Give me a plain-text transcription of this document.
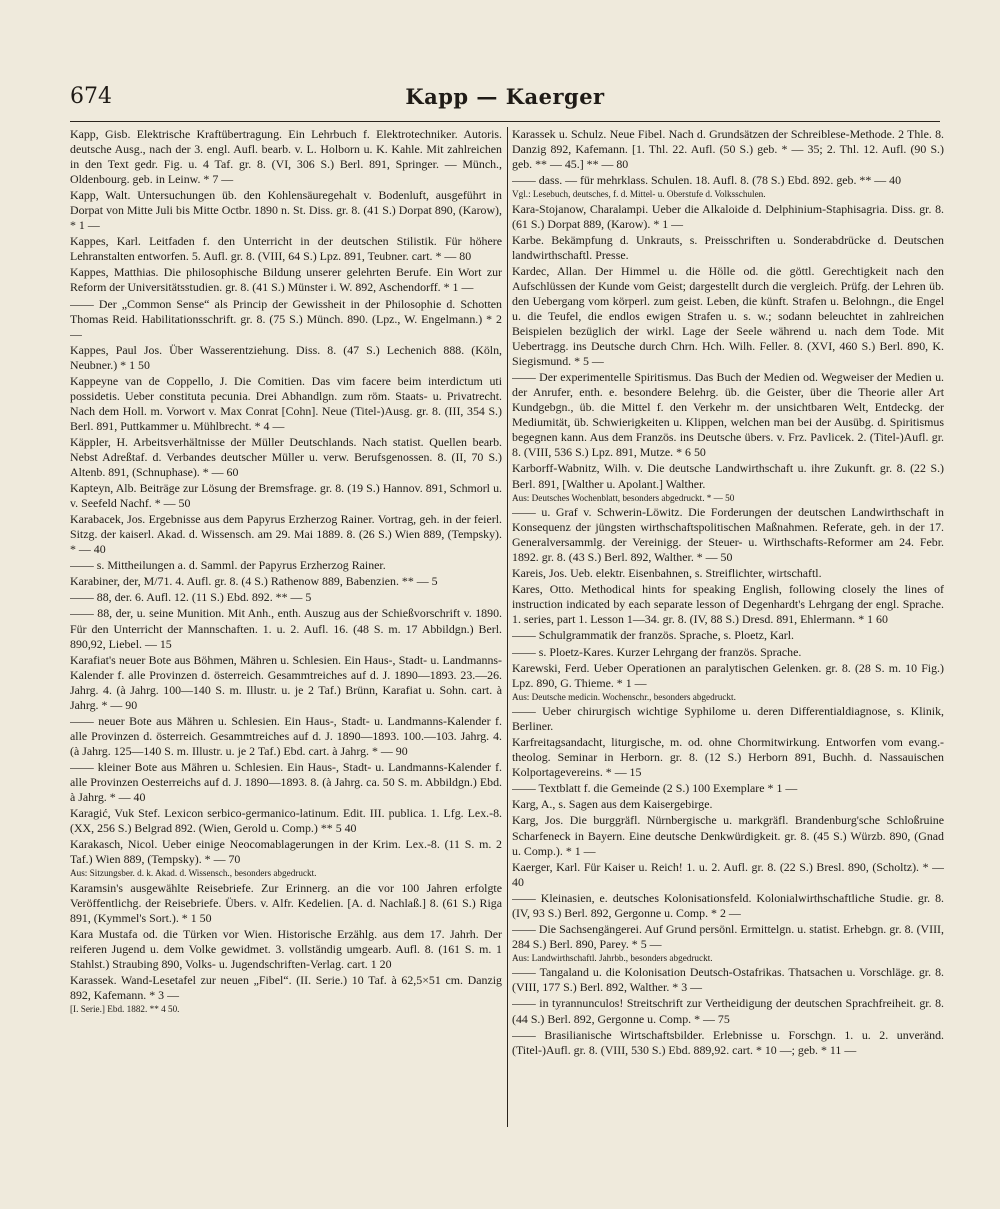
674	Kapp — Kaerger
Kapp, Gisb. Elektrische Kraftübertragung. Ein Lehrbuch f. Elektrotechniker. Autoris. deutsche Ausg., nach der 3. engl. Aufl. bearb. v. L. Holborn u. K. Kahle. Mit zahlreichen in den Text gedr. Fig. u. 4 Taf. gr. 8. (VI, 306 S.) Berl. 891, Springer. — Münch., Oldenbourg. geb. in Leinw. * 7 —
Kapp, Walt. Untersuchungen üb. den Kohlensäuregehalt v. Bodenluft, ausgeführt in Dorpat von Mitte Juli bis Mitte Octbr. 1890 n. St. Diss. gr. 8. (41 S.) Dorpat 890, (Karow), * 1 —
Kappes, Karl. Leitfaden f. den Unterricht in der deutschen Stilistik. Für höhere Lehranstalten entworfen. 5. Aufl. gr. 8. (VIII, 64 S.) Lpz. 891, Teubner. cart. * — 80
Kappes, Matthias. Die philosophische Bildung unserer gelehrten Berufe. Ein Wort zur Reform der Universitätsstudien. gr. 8. (41 S.) Münster i. W. 892, Aschendorff. * 1 —
—— Der „Common Sense“ als Princip der Gewissheit in der Philosophie d. Schotten Thomas Reid. Habilitationsschrift. gr. 8. (75 S.) Münch. 890. (Lpz., W. Engelmann.) * 2 —
Kappes, Paul Jos. Über Wasserentziehung. Diss. 8. (47 S.) Lechenich 888. (Köln, Neubner.) * 1 50
Kappeyne van de Coppello, J. Die Comitien. Das vim facere beim interdictum uti possidetis. Ueber constituta pecunia. Drei Abhandlgn. zum röm. Staats- u. Privatrecht. Nach dem Holl. m. Vorwort v. Max Conrat [Cohn]. Neue (Titel-)Ausg. gr. 8. (III, 354 S.) Berl. 891, Puttkammer u. Mühlbrecht. * 4 —
Käppler, H. Arbeitsverhältnisse der Müller Deutschlands. Nach statist. Quellen bearb. Nebst Adreßtaf. d. Verbandes deutscher Müller u. verw. Berufsgenossen. 8. (II, 70 S.) Altenb. 891, (Schnuphase). * — 60
Kapteyn, Alb. Beiträge zur Lösung der Bremsfrage. gr. 8. (19 S.) Hannov. 891, Schmorl u. v. Seefeld Nachf. * — 50
Karabacek, Jos. Ergebnisse aus dem Papyrus Erzherzog Rainer. Vortrag, geh. in der feierl. Sitzg. der kaiserl. Akad. d. Wissensch. am 29. Mai 1889. 8. (26 S.) Wien 889, (Tempsky). * — 40
—— s. Mittheilungen a. d. Samml. der Papyrus Erzherzog Rainer.
Karabiner, der, M/71. 4. Aufl. gr. 8. (4 S.) Rathenow 889, Babenzien. ** — 5
—— 88, der. 6. Aufl. 12. (11 S.) Ebd. 892. ** — 5
—— 88, der, u. seine Munition. Mit Anh., enth. Auszug aus der Schießvorschrift v. 1890. Für den Unterricht der Mannschaften. 1. u. 2. Aufl. 16. (48 S. m. 17 Abbildgn.) Berl. 890,92, Liebel. — 15
Karafiat's neuer Bote aus Böhmen, Mähren u. Schlesien. Ein Haus-, Stadt- u. Landmanns-Kalender f. alle Provinzen d. österreich. Gesammtreiches auf d. J. 1890—1893. 23.—26. Jahrg. 4. (à Jahrg. 100—140 S. m. Illustr. u. je 2 Taf.) Brünn, Karafiat u. Sohn. cart. à Jahrg. * — 90
—— neuer Bote aus Mähren u. Schlesien. Ein Haus-, Stadt- u. Landmanns-Kalender f. alle Provinzen d. österreich. Gesammtreiches auf d. J. 1890—1893. 100.—103. Jahrg. 4. (à Jahrg. 125—140 S. m. Illustr. u. je 2 Taf.) Ebd. cart. à Jahrg. * — 90
—— kleiner Bote aus Mähren u. Schlesien. Ein Haus-, Stadt- u. Landmanns-Kalender f. alle Provinzen Oesterreichs auf d. J. 1890—1893. 8. (à Jahrg. ca. 50 S. m. Abbildgn.) Ebd. à Jahrg. * — 40
Karagić, Vuk Stef. Lexicon serbico-germanico-latinum. Edit. III. publica. 1. Lfg. Lex.-8. (XX, 256 S.) Belgrad 892. (Wien, Gerold u. Comp.) ** 5 40
Karakasch, Nicol. Ueber einige Neocomablagerungen in der Krim. Lex.-8. (11 S. m. 2 Taf.) Wien 889, (Tempsky). * — 70
Aus: Sitzungsber. d. k. Akad. d. Wissensch., besonders abgedruckt.
Karamsin's ausgewählte Reisebriefe. Zur Erinnerg. an die vor 100 Jahren erfolgte Veröffentlichg. der Reisebriefe. Übers. v. Alfr. Kedelien. [A. d. Nachlaß.] 8. (61 S.) Riga 891, (Kymmel's Sort.). * 1 50
Kara Mustafa od. die Türken vor Wien. Historische Erzählg. aus dem 17. Jahrh. Der reiferen Jugend u. dem Volke gewidmet. 3. vollständig umgearb. Aufl. 8. (161 S. m. 1 Stahlst.) Straubing 890, Volks- u. Jugendschriften-Verlag. cart. 1 20
Karassek. Wand-Lesetafel zur neuen „Fibel“. (II. Serie.) 10 Taf. à 62,5×51 cm. Danzig 892, Kafemann. * 3 —
[I. Serie.] Ebd. 1882. ** 4 50.
Karassek u. Schulz. Neue Fibel. Nach d. Grundsätzen der Schreiblese-Methode. 2 Thle. 8. Danzig 892, Kafemann. [1. Thl. 22. Aufl. (50 S.) geb. * — 35; 2. Thl. 12. Aufl. (90 S.) geb. ** — 45.] ** — 80
—— dass. — für mehrklass. Schulen. 18. Aufl. 8. (78 S.) Ebd. 892. geb. ** — 40
Vgl.: Lesebuch, deutsches, f. d. Mittel- u. Oberstufe d. Volksschulen.
Kara-Stojanow, Charalampi. Ueber die Alkaloide d. Delphinium-Staphisagria. Diss. gr. 8. (61 S.) Dorpat 889, (Karow). * 1 —
Karbe. Bekämpfung d. Unkrauts, s. Preisschriften u. Sonderabdrücke d. Deutschen landwirthschaftl. Presse.
Kardec, Allan. Der Himmel u. die Hölle od. die göttl. Gerechtigkeit nach den Aufschlüssen der Kunde vom Geist; dargestellt durch die vergleich. Prüfg. der Lehren üb. den Uebergang vom körperl. zum geist. Leben, die künft. Strafen u. Belohngn., die Engel u. die Teufel, die endlos ewigen Strafen u. s. w.; sodann beleuchtet in zahlreichen Beispielen bezüglich der wirkl. Lage der Seele während u. nach dem Tode. Mit Uebertragg. ins Deutsche durch Chrn. Hch. Wilh. Feller. 8. (XVI, 460 S.) Berl. 890, K. Siegismund. * 5 —
—— Der experimentelle Spiritismus. Das Buch der Medien od. Wegweiser der Medien u. der Anrufer, enth. e. besondere Belehrg. üb. die Geister, über die Theorie aller Art Kundgebgn., üb. die Mittel f. den Verkehr m. der unsichtbaren Welt, Entdeckg. der Mediumität, üb. Schwierigkeiten u. Klippen, welchen man bei der Ausübg. d. Spiritismus begegnen kann. Aus dem Französ. ins Deutsche übers. v. Frz. Pavlicek. 2. (Titel-)Aufl. gr. 8. (VIII, 536 S.) Lpz. 891, Mutze. * 6 50
Karborff-Wabnitz, Wilh. v. Die deutsche Landwirthschaft u. ihre Zukunft. gr. 8. (22 S.) Berl. 891, [Walther u. Apolant.] Walther.
Aus: Deutsches Wochenblatt, besonders abgedruckt. * — 50
—— u. Graf v. Schwerin-Löwitz. Die Forderungen der deutschen Landwirthschaft in Konsequenz der jüngsten wirthschaftspolitischen Maßnahmen. Referate, geh. in der 17. Generalversammlg. der Vereinigg. der Steuer- u. Wirthschafts-Reformer am 24. Febr. 1892. gr. 8. (43 S.) Berl. 892, Walther. * — 50
Kareis, Jos. Ueb. elektr. Eisenbahnen, s. Streiflichter, wirtschaftl.
Kares, Otto. Methodical hints for speaking English, following closely the lines of instruction indicated by each separate lesson of Degenhardt's Lehrgang der engl. Sprache. 1. series, part 1. Lesson 1—34. gr. 8. (IV, 88 S.) Dresd. 891, Ehlermann. * 1 60
—— Schulgrammatik der französ. Sprache, s. Ploetz, Karl.
—— s. Ploetz-Kares. Kurzer Lehrgang der französ. Sprache.
Karewski, Ferd. Ueber Operationen an paralytischen Gelenken. gr. 8. (28 S. m. 10 Fig.) Lpz. 890, G. Thieme. * 1 —
Aus: Deutsche medicin. Wochenschr., besonders abgedruckt.
—— Ueber chirurgisch wichtige Syphilome u. deren Differentialdiagnose, s. Klinik, Berliner.
Karfreitagsandacht, liturgische, m. od. ohne Chormitwirkung. Entworfen vom evang.-theolog. Seminar in Herborn. gr. 8. (12 S.) Herborn 891, Buchh. d. Nassauischen Kolportagevereins. * — 15
—— Textblatt f. die Gemeinde (2 S.) 100 Exemplare * 1 —
Karg, A., s. Sagen aus dem Kaisergebirge.
Karg, Jos. Die burggräfl. Nürnbergische u. markgräfl. Brandenburg'sche Schloßruine Scharfeneck in Bayern. Eine deutsche Denkwürdigkeit. gr. 8. (45 S.) Würzb. 890, (Gnad u. Comp.). * 1 —
Kaerger, Karl. Für Kaiser u. Reich! 1. u. 2. Aufl. gr. 8. (22 S.) Bresl. 890, (Scholtz). * — 40
—— Kleinasien, e. deutsches Kolonisationsfeld. Kolonialwirthschaftliche Studie. gr. 8. (IV, 93 S.) Berl. 892, Gergonne u. Comp. * 2 —
—— Die Sachsengängerei. Auf Grund persönl. Ermittelgn. u. statist. Erhebgn. gr. 8. (VIII, 284 S.) Berl. 890, Parey. * 5 —
Aus: Landwirthschaftl. Jahrbb., besonders abgedruckt.
—— Tangaland u. die Kolonisation Deutsch-Ostafrikas. Thatsachen u. Vorschläge. gr. 8. (VIII, 177 S.) Berl. 892, Walther. * 3 —
—— in tyrannunculos! Streitschrift zur Vertheidigung der deutschen Sprachfreiheit. gr. 8. (44 S.) Berl. 892, Gergonne u. Comp. * — 75
—— Brasilianische Wirtschaftsbilder. Erlebnisse u. Forschgn. 1. u. 2. unveränd. (Titel-)Aufl. gr. 8. (VIII, 530 S.) Ebd. 889,92. cart. * 10 —; geb. * 11 —
